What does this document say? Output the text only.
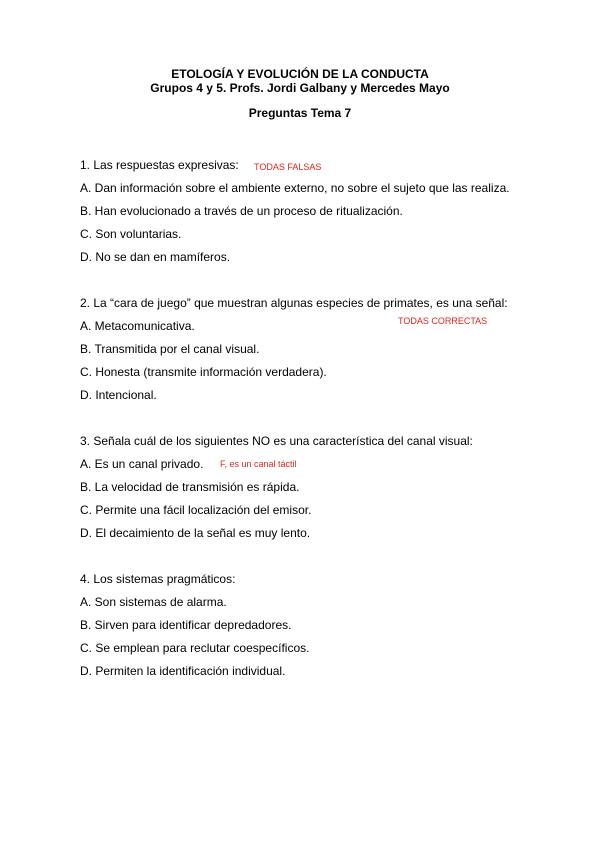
ETOLOGÍA Y EVOLUCIÓN DE LA CONDUCTA
Grupos 4 y 5. Profs. Jordi Galbany y Mercedes Mayo
Preguntas Tema 7
1. Las respuestas expresivas: TODAS FALSAS
A. Dan información sobre el ambiente externo, no sobre el sujeto que las realiza.
B. Han evolucionado a través de un proceso de ritualización.
C. Son voluntarias.
D. No se dan en mamíferos.
2. La “cara de juego” que muestran algunas especies de primates, es una señal:
TODAS CORRECTAS
A. Metacomunicativa.
B. Transmitida por el canal visual.
C. Honesta (transmite información verdadera).
D. Intencional.
3. Señala cuál de los siguientes NO es una característica del canal visual:
A. Es un canal privado. F, es un canal táctil
B. La velocidad de transmisión es rápida.
C. Permite una fácil localización del emisor.
D. El decaimiento de la señal es muy lento.
4. Los sistemas pragmáticos:
A. Son sistemas de alarma.
B. Sirven para identificar depredadores.
C. Se emplean para reclutar coespecíficos.
D. Permiten la identificación individual.
